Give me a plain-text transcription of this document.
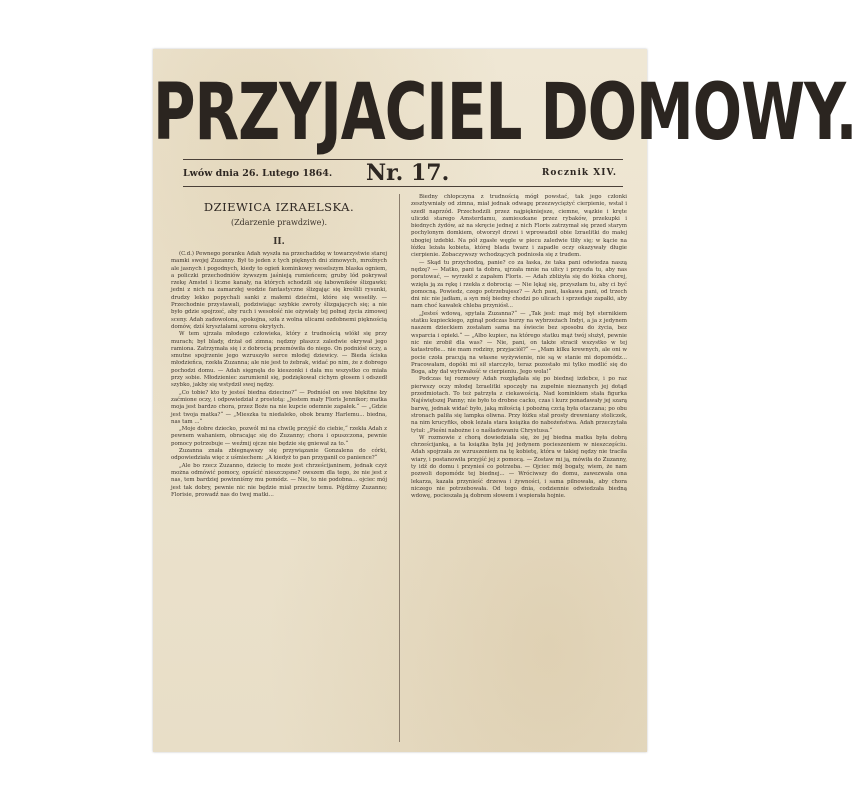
PRZYJACIEL DOMOWY.
Lwów dnia 26. Lutego 1864. Nr. 17.	Rocznik XIV.
DZIEWICA IZRAELSKA.
(Zdarzenie prawdziwe).
II.

(C.d.) Pewnego poranku Adah wyszła na przechadzkę w towarzystwie starej mamki swojej Zuzanny. Był to jeden z tych pięknych dni zimowych, mroźnych ale jasnych i pogodnych, kiedy to ogień kominkowy weselszym blaska ogniem, a policzki przechodniów żywszym jaśnieją rumieńcem; gruby lód pokrywał rzekę Amstel i liczne kanały, na których schodzili się łabowników ślizgawki; jedni z nich na zamarzłej wodzie fantastyczne ślizgając się kreślili rysunki, drudzy lekko popychali sanki z małemi dziećmi, które się weseliły. — Przechodnie przystawali, podziwiając szybkie zwroty ślizgających się; a nie było gdzie spojrzeć, aby ruch i wesołość nie ożywiały tej pełnej życia zimowej sceny. Adah zadowolona, spokojna, szła z wolna ulicami ozdobnemi pięknością domów, dziś kryształami szronu okrytych.

W tem ujrzała młodego człowieka, który z trudnością wlókł się przy murach; był blady, drżał od zimna; nędzny płaszcz zaledwie okrywał jego ramiona. Zatrzymała się i z dobrocią przemówiła do niego. On podniósł oczy, a smutne spojrzenie jego wzruszyło serce młodej dziewicy. — Bieda ściska młodzieńca, rzekła Zuzanna; ale nie jest to żebrak, widać po nim, że z dobrego pochodzi domu. — Adah sięgnęła do kieszonki i dała mu wszystko co miała przy sobie. Młodzieniec zarumienił się, podziękował cichym głosem i odszedł szybko, jakby się wstydził swej nędzy.

„Co tobie? kto ty jesteś biedna dziecino?“ — Podniósł on swe błękitne łzy zaćmione oczy, i odpowiedział z prostotą: „Jestem mały Floris Jennikor; matka moja jest bardzo chora, przez Boże na nie kupcie odemnie zapałek.“ — „Gdzie jest twoja matka?“ — „Mieszka tu niedaleko, obok bramy Harlemu... biedna, nas tam ...“

„Moje dobre dziecko, pozwól mi na chwilę przyjść do ciebie,“ rzekła Adah z pewnem wahaniem, obracając się do Zuzanny; chora i opuszczona, pewnie pomocy potrzebuje — weźmij ojcze nie będzie się gniewał za to.“

Zuzanna znała zbiegnąwszy się przywiązanie Gonzalena do córki, odpowiedziała więc z uśmiechem: „A kiedyż to pan przyganił co panience?“

„Ale bo rzecz Zuzanno, dziecię to może jest chrześcijaninem, jednak czyż można odmówić pomocy, opuścić nieszczęsne? owszem dla tego, że nie jest z nas, tem bardziej powinniśmy mu pomódz. — Nie, to nie podobna... ojciec mój jest tak dobry, pewnie nic nie będzie miał przeciw temu. Pójdźmy Zuzanno; Florisie, prowadź nas do twej matki...

Biedny chłopczyna z trudnością mógł powstać, tak jego członki zesztywniały od zimna, miał jednak odwagę przezwyciężyć cierpienie, wstał i szedł naprzód. Przechodzili przez najpiękniejsze, ciemne, wązkie i kręte uliczki starego Amsterdamu, zamieszkane przez rybaków, przekupki i biednych żydów, aż na skręcie jednej z nich Floris zatrzymał się przed starym pochylonym domkiem, otworzył drzwi i wprowadził obie Izraelitki do małej ubogiej izdebki. Na pół zgasłe węgle w piecu zaledwie tliły się; w kącie na łóżku leżała kobieta, której blada twarz i zapadłe oczy okazywały długie cierpienie. Zobaczywszy wchodzących podniosła się z trudem.

— Skąd tu przychodzą, panie? co za łaska, że taka pani odwiedza naszą nędzę? — Matko, pani ta dobra, ujrzała mnie na ulicy i przyszła tu, aby nas poratować, — wyrzekł z zapałem Floris. — Adah zbliżyła się do łóżka chorej, wzięła ją za rękę i rzekła z dobrocią: — Nie lękaj się, przyszłam tu, aby ci być pomocną. Powiedz, czego potrzebujesz? — Ach pani, łaskawa pani, od trzech dni nic nie jadłam, a syn mój biedny chodzi po ulicach i sprzedaje zapałki, aby nam choć kawałek chleba przyniósł...

„Jesteś wdową, spytała Zuzanna?“ — „Tak jest: mąż mój był sternikiem statku kupieckiego, zginął podczas burzy na wybrzeżach Indyi, a ja z jedynem naszem dzieckiem zostałam sama na świecie bez sposobu do życia, bez wsparcia i opieki.“ — „Albo kupiec, na którego statku mąż twój służył, pewnie nic nie zrobił dla was? — Nie, pani, on także stracił wszystko w tej katastrofie... nie mam rodziny, przyjaciół?“ — „Mam kilku krewnych, ale oni w pocie czoła pracują na własne wyżywienie, nie są w stanie mi dopomódz... Pracowałam, dopóki mi sił starczyło, teraz pozostało mi tylko modlić się do Boga, aby dał wytrwałość w cierpieniu. Jego wola!“

Podczas tej rozmowy Adah rozglądała się po biednej izdebce, i po raz pierwszy oczy młodej Izraelitki spoczęły na zupełnie nieznanych jej dotąd przedmiotach. To też patrzyła z ciekawością. Nad kominkiem stała figurka Najświętszej Panny; nie było to drobne cacko, czas i kurz ponadawały jej szarą barwę, jednak widać było, jaką miłością i pobożną czcią była otaczana; po obu stronach paliła się lampka oliwna. Przy łóżku stał prosty drewniany stoliczek, na nim krucyfiks, obok leżała stara książka do nabożeństwa. Adah przeczytała tytuł: „Pieśni nabożne i o naśladowaniu Chrystusa.“

W rozmowie z chorą dowiedziała się, że jej biedna matka była dobrą chrześcijanką, a ta książka była jej jedynem pocieszeniem w nieszczęściu. Adah spojrzała ze wzruszeniem na tę kobietę, która w takiej nędzy nie traciła wiary, i postanowiła przyjść jej z pomocą. — Zostaw mi ją, mówiła do Zuzanny, ty idź do domu i przynieś co potrzeba. — Ojciec mój bogaty, wiem, że nam pozwoli dopomódz tej biednej... — Wróciwszy do domu, zawezwała ona lekarza, kazała przynieść drzewa i żywności, i sama pilnowała, aby chora niczego nie potrzebowała. Od tego dnia, codziennie odwiedzała biedną wdowę, pocieszała ją dobrem słowem i wspierała hojnie.
